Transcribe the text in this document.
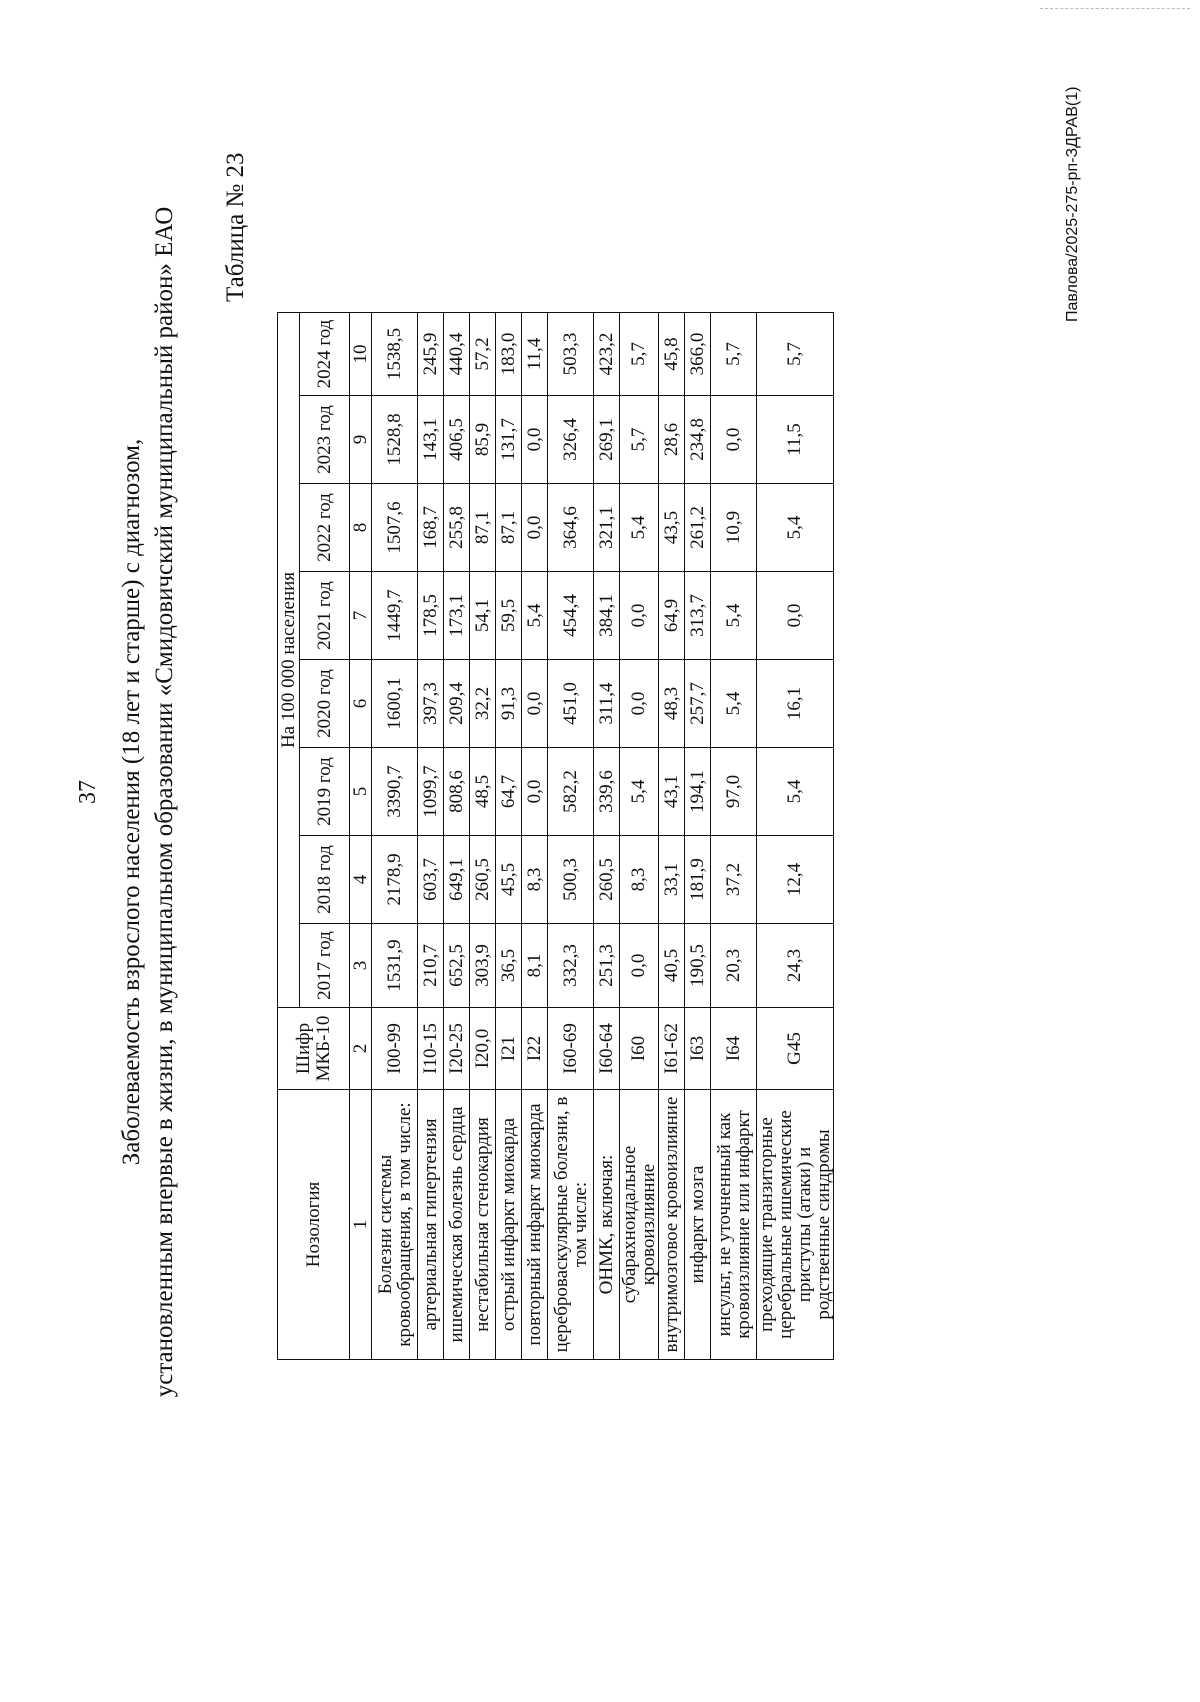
37 Заболеваемость взрослого населения (18 лет и старше) с диагнозом, установленным впервые в жизни, в муниципальном образовании «Смидовичский муниципальный район» ЕАО Таблица № 23
Нозология	Шифр МКБ-10	На 100 000 населения							
		2017 год	2018 год	2019 год	2020 год	2021 год	2022 год	2023 год	2024 год
1	2	3	4	5	6	7	8	9	10
Болезни системы кровообращения, в том числе:	I00-99	1531,9	2178,9	3390,7	1600,1	1449,7	1507,6	1528,8	1538,5
артериальная гипертензия	I10-15	210,7	603,7	1099,7	397,3	178,5	168,7	143,1	245,9
ишемическая болезнь сердца	I20-25	652,5	649,1	808,6	209,4	173,1	255,8	406,5	440,4
нестабильная стенокардия	I20,0	303,9	260,5	48,5	32,2	54,1	87,1	85,9	57,2
острый инфаркт миокарда	I21	36,5	45,5	64,7	91,3	59,5	87,1	131,7	183,0
повторный инфаркт миокарда	I22	8,1	8,3	0,0	0,0	5,4	0,0	0,0	11,4
цереброваскулярные болезни, в том числе:	I60-69	332,3	500,3	582,2	451,0	454,4	364,6	326,4	503,3
ОНМК, включая:	I60-64	251,3	260,5	339,6	311,4	384,1	321,1	269,1	423,2
субарахноидальное кровоизлияние	I60	0,0	8,3	5,4	0,0	0,0	5,4	5,7	5,7
внутримозговое кровоизлияние	I61-62	40,5	33,1	43,1	48,3	64,9	43,5	28,6	45,8
инфаркт мозга	I63	190,5	181,9	194,1	257,7	313,7	261,2	234,8	366,0
инсульт, не уточненный как кровоизлияние или инфаркт	I64	20,3	37,2	97,0	5,4	5,4	10,9	0,0	5,7
преходящие транзиторные церебральные ишемические приступы (атаки) и родственные синдромы	G45	24,3	12,4	5,4	16,1	0,0	5,4	11,5	5,7
Павлова/2025-275-рп-ЗДРАВ(1)
